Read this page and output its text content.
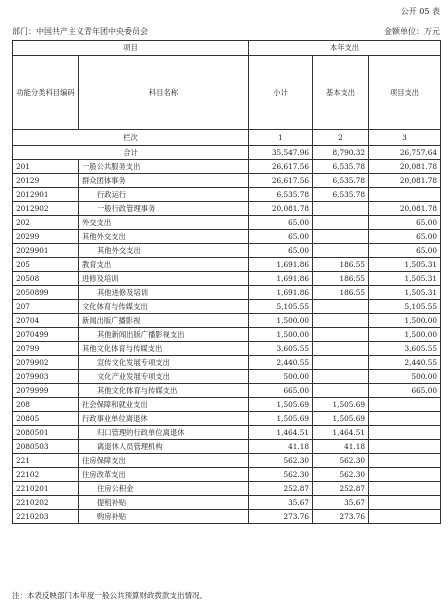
公开 05 表
部门：中国共产主义青年团中央委员会	金额单位：万元
项目		本年支出		
功能分类科目编码	科目名称	小计	基本支出	项目支出
栏次		1	2	3
合计		35,547.96	8,790.32	26,757.64
201	一般公共服务支出	26,617.56	6,535.78	20,081.78
20129	群众团体事务	26,617.56	6,535.78	20,081.78
2012901	行政运行	6,535.78	6,535.78	
2012902	一般行政管理事务	20,081.78		20,081.78
202	外交支出	65.00		65.00
20299	其他外交支出	65.00		65.00
2029901	其他外交支出	65.00		65.00
205	教育支出	1,691.86	186.55	1,505.31
20508	进修及培训	1,691.86	186.55	1,505.31
2050899	其他进修及培训	1,691.86	186.55	1,505.31
207	文化体育与传媒支出	5,105.55		5,105.55
20704	新闻出版广播影视	1,500.00		1,500.00
2070499	其他新闻出版广播影视支出	1,500.00		1,500.00
20799	其他文化体育与传媒支出	3,605.55		3,605.55
2079902	宣传文化发展专项支出	2,440.55		2,440.55
2079903	文化产业发展专项支出	500.00		500.00
2079999	其他文化体育与传媒支出	665.00		665.00
208	社会保障和就业支出	1,505.69	1,505.69	
20805	行政事业单位离退休	1,505.69	1,505.69	
2080501	归口管理的行政单位离退休	1,464.51	1,464.51	
2080503	离退休人员管理机构	41.18	41.18	
221	住房保障支出	562.30	562.30	
22102	住房改革支出	562.30	562.30	
2210201	住房公积金	252.87	252.87	
2210202	提租补贴	35.67	35.67	
2210203	购房补贴	273.76	273.76	
注：本表反映部门本年度一般公共预算财政拨款支出情况。
